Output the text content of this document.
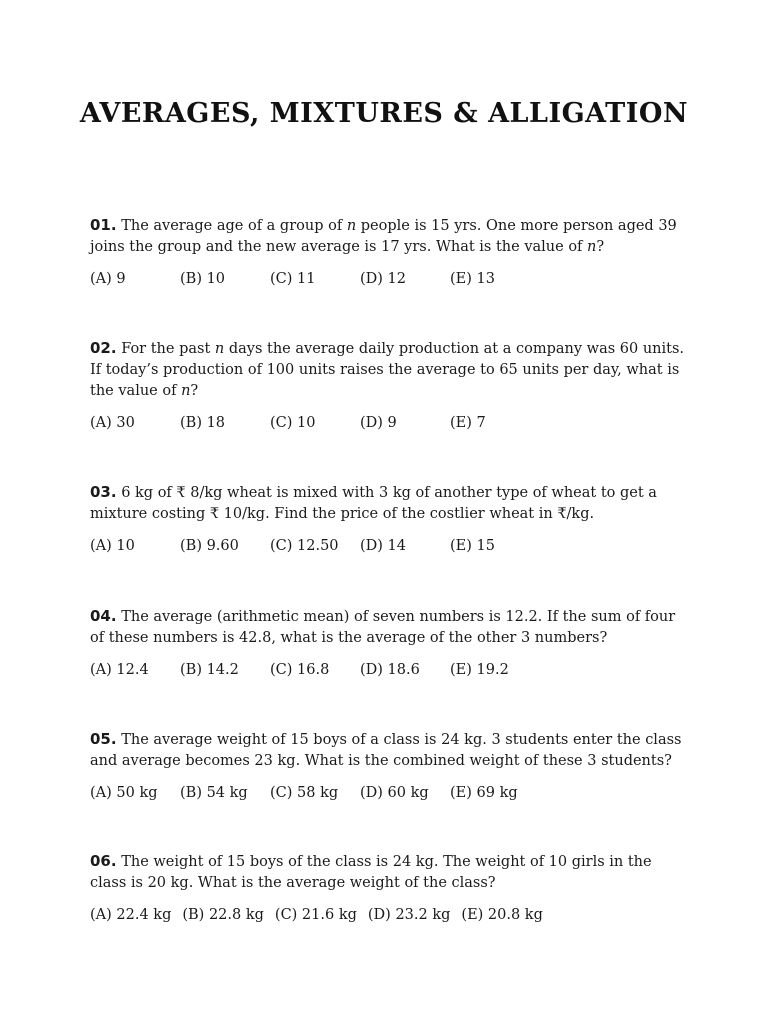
AVERAGES, MIXTURES & ALLIGATION

01. The average age of a group of n people is 15 yrs. One more person aged 39 joins the group and the new average is 17 yrs. What is the value of n?

(A) 9	(B) 10	(C) 11	(D) 12	(E) 13

02. For the past n days the average daily production at a company was 60 units. If today’s production of 100 units raises the average to 65 units per day, what is the value of n?

(A) 30	(B) 18	(C) 10	(D) 9	(E) 7

03. 6 kg of ₹ 8/kg wheat is mixed with 3 kg of another type of wheat to get a mixture costing ₹ 10/kg. Find the price of the costlier wheat in ₹/kg.

(A) 10	(B) 9.60	(C) 12.50	(D) 14	(E) 15

04. The average (arithmetic mean) of seven numbers is 12.2. If the sum of four of these numbers is 42.8, what is the average of the other 3 numbers?

(A) 12.4	(B) 14.2	(C) 16.8	(D) 18.6	(E) 19.2

05. The average weight of 15 boys of a class is 24 kg. 3 students enter the class and average becomes 23 kg. What is the combined weight of these 3 students?

(A) 50 kg	(B) 54 kg	(C) 58 kg	(D) 60 kg	(E) 69 kg

06. The weight of 15 boys of the class is 24 kg. The weight of 10 girls in the class is 20 kg. What is the average weight of the class?

(A) 22.4 kg (B) 22.8 kg (C) 21.6 kg (D) 23.2 kg (E) 20.8 kg
